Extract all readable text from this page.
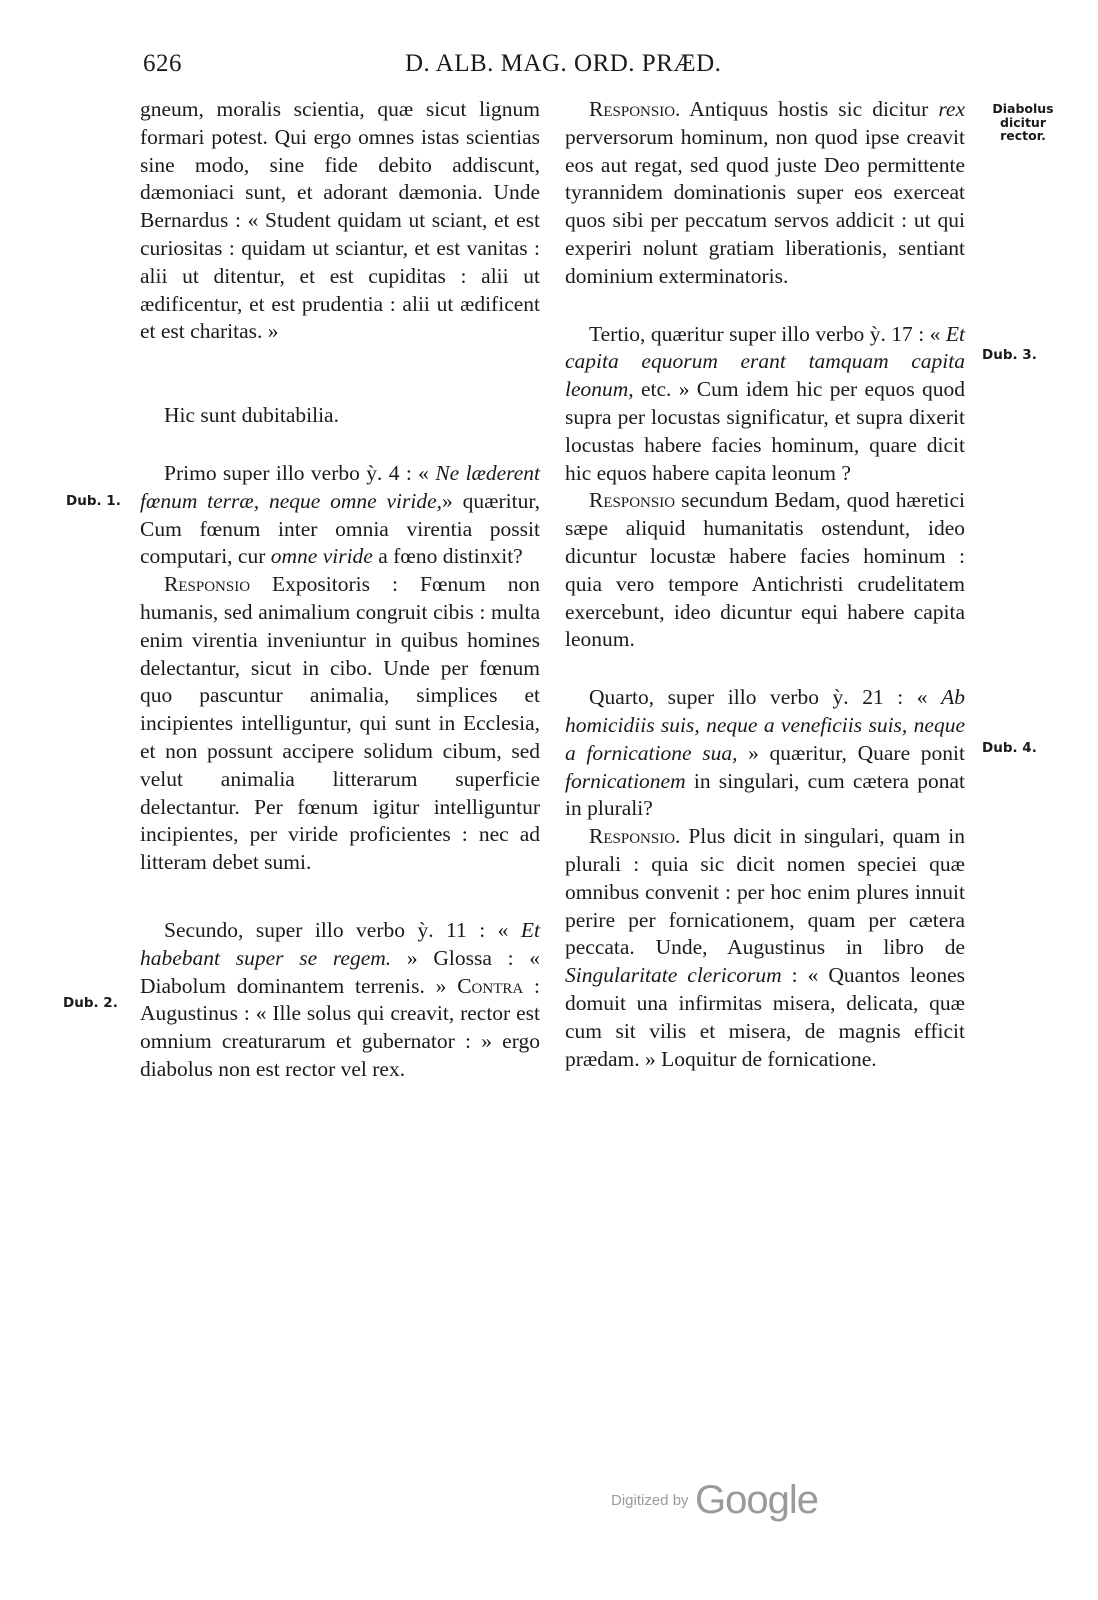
626	D. ALB. MAG. ORD. PRÆD.

gneum, moralis scientia, quæ sicut lignum formari potest. Qui ergo omnes istas scientias sine modo, sine fide debito addiscunt, dæmoniaci sunt, et adorant dæmonia. Unde Bernardus : « Student quidam ut sciant, et est curiositas : quidam ut sciantur, et est vanitas : alii ut ditentur, et est cupiditas : alii ut ædificentur, et est prudentia : alii ut ædificent et est charitas. »

Hic sunt dubitabilia.

Primo super illo verbo ỳ. 4 : « Ne læderent fœnum terræ, neque omne viride,» quæritur, Cum fœnum inter omnia virentia possit computari, cur omne viride a fœno distinxit?

Responsio Expositoris : Fœnum non humanis, sed animalium congruit cibis : multa enim virentia inveniuntur in quibus homines delectantur, sicut in cibo. Unde per fœnum quo pascuntur animalia, simplices et incipientes intelliguntur, qui sunt in Ecclesia, et non possunt accipere solidum cibum, sed velut animalia litterarum superficie delectantur. Per fœnum igitur intelliguntur incipientes, per viride proficientes : nec ad litteram debet sumi.

Secundo, super illo verbo ỳ. 11 : « Et habebant super se regem. » Glossa : « Diabolum dominantem terrenis. » Contra : Augustinus : « Ille solus qui creavit, rector est omnium creaturarum et gubernator : » ergo diabolus non est rector vel rex.

Responsio. Antiquus hostis sic dicitur rex perversorum hominum, non quod ipse creavit eos aut regat, sed quod juste Deo permittente tyrannidem dominationis super eos exerceat quos sibi per peccatum servos addicit : ut qui experiri nolunt gratiam liberationis, sentiant dominium exterminatoris.

Tertio, quæritur super illo verbo ỳ. 17 : « Et capita equorum erant tamquam capita leonum, etc. » Cum idem hic per equos quod supra per locustas significatur, et supra dixerit locustas habere facies hominum, quare dicit hic equos habere capita leonum ?

Responsio secundum Bedam, quod hæretici sæpe aliquid humanitatis ostendunt, ideo dicuntur locustæ habere facies hominum : quia vero tempore Antichristi crudelitatem exercebunt, ideo dicuntur equi habere capita leonum.

Quarto, super illo verbo ỳ. 21 : « Ab homicidiis suis, neque a veneficiis suis, neque a fornicatione sua, » quæritur, Quare ponit fornicationem in singulari, cum cætera ponat in plurali?

Responsio. Plus dicit in singulari, quam in plurali : quia sic dicit nomen speciei quæ omnibus convenit : per hoc enim plures innuit perire per fornicationem, quam per cætera peccata. Unde, Augustinus in libro de Singularitate clericorum : « Quantos leones domuit una infirmitas misera, delicata, quæ cum sit vilis et misera, de magnis efficit prædam. » Loquitur de fornicatione.

Dub. 1.
Dub. 2.
Diabolus dicitur rector.
Dub. 3.
Dub. 4.
Digitized by Google
